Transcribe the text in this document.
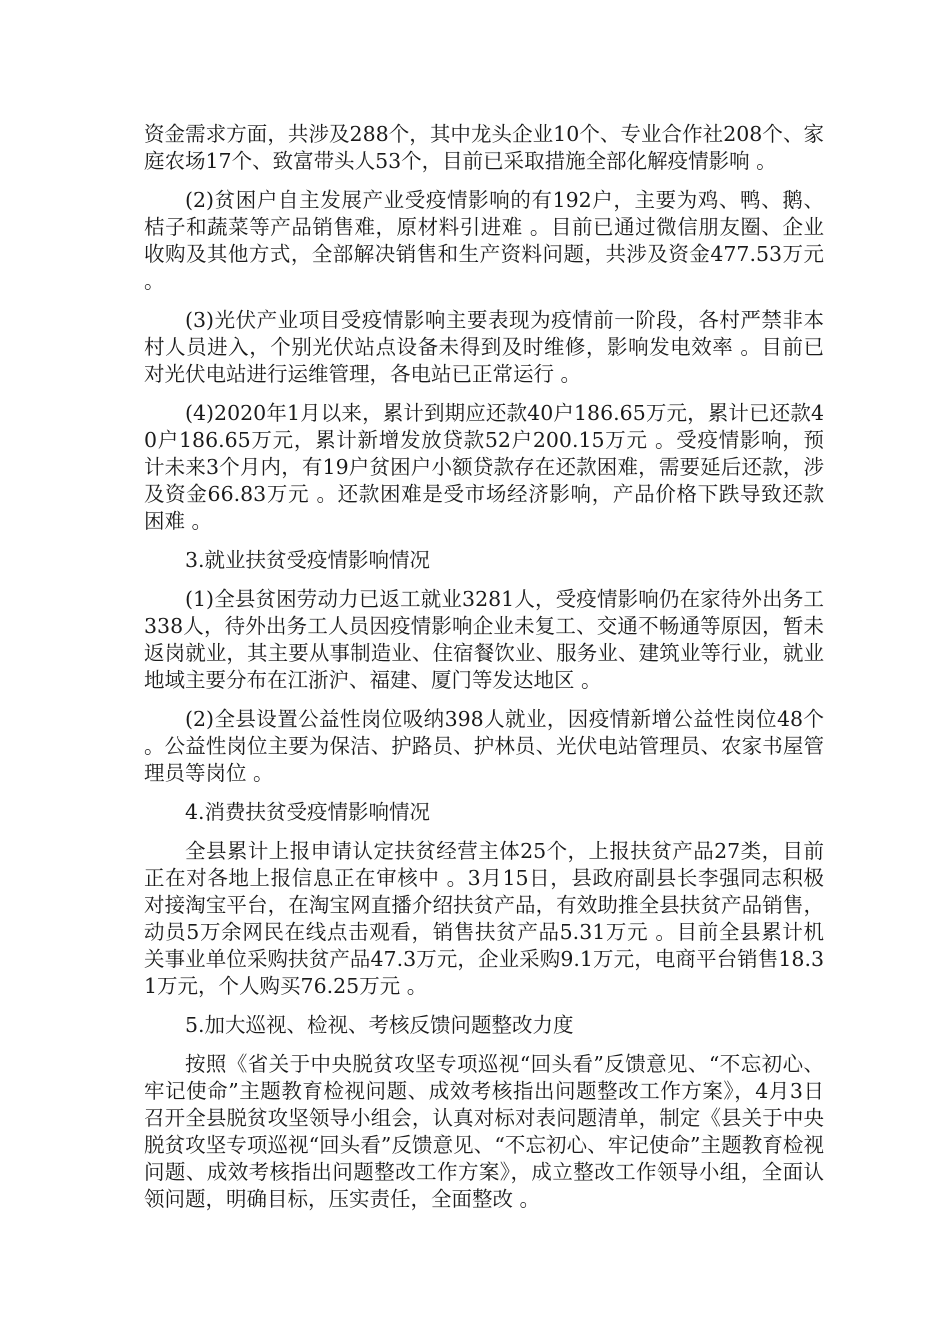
资金需求方面，共涉及288个，其中龙头企业10个、专业合作社208个、家庭农场17个、致富带头人53个，目前已采取措施全部化解疫情影响 。

(2)贫困户自主发展产业受疫情影响的有192户，主要为鸡、鸭、鹅、桔子和蔬菜等产品销售难，原材料引进难 。目前已通过微信朋友圈、企业收购及其他方式，全部解决销售和生产资料问题，共涉及资金477.53万元 。

(3)光伏产业项目受疫情影响主要表现为疫情前一阶段，各村严禁非本村人员进入，个别光伏站点设备未得到及时维修，影响发电效率 。目前已对光伏电站进行运维管理，各电站已正常运行 。

(4)2020年1月以来，累计到期应还款40户186.65万元，累计已还款40户186.65万元，累计新增发放贷款52户200.15万元 。受疫情影响，预计未来3个月内，有19户贫困户小额贷款存在还款困难，需要延后还款，涉及资金66.83万元 。还款困难是受市场经济影响，产品价格下跌导致还款困难 。

3.就业扶贫受疫情影响情况

(1)全县贫困劳动力已返工就业3281人，受疫情影响仍在家待外出务工338人，待外出务工人员因疫情影响企业未复工、交通不畅通等原因，暂未返岗就业，其主要从事制造业、住宿餐饮业、服务业、建筑业等行业，就业地域主要分布在江浙沪、福建、厦门等发达地区 。

(2)全县设置公益性岗位吸纳398人就业，因疫情新增公益性岗位48个 。公益性岗位主要为保洁、护路员、护林员、光伏电站管理员、农家书屋管理员等岗位 。

4.消费扶贫受疫情影响情况

全县累计上报申请认定扶贫经营主体25个，上报扶贫产品27类，目前正在对各地上报信息正在审核中 。3月15日，县政府副县长李强同志积极对接淘宝平台，在淘宝网直播介绍扶贫产品，有效助推全县扶贫产品销售，动员5万余网民在线点击观看，销售扶贫产品5.31万元 。目前全县累计机关事业单位采购扶贫产品47.3万元，企业采购9.1万元，电商平台销售18.31万元，个人购买76.25万元 。

5.加大巡视、检视、考核反馈问题整改力度

按照《省关于中央脱贫攻坚专项巡视“回头看”反馈意见、“不忘初心、牢记使命”主题教育检视问题、成效考核指出问题整改工作方案》，4月3日召开全县脱贫攻坚领导小组会，认真对标对表问题清单，制定《县关于中央脱贫攻坚专项巡视“回头看”反馈意见、“不忘初心、牢记使命”主题教育检视问题、成效考核指出问题整改工作方案》，成立整改工作领导小组，全面认领问题，明确目标，压实责任，全面整改 。
